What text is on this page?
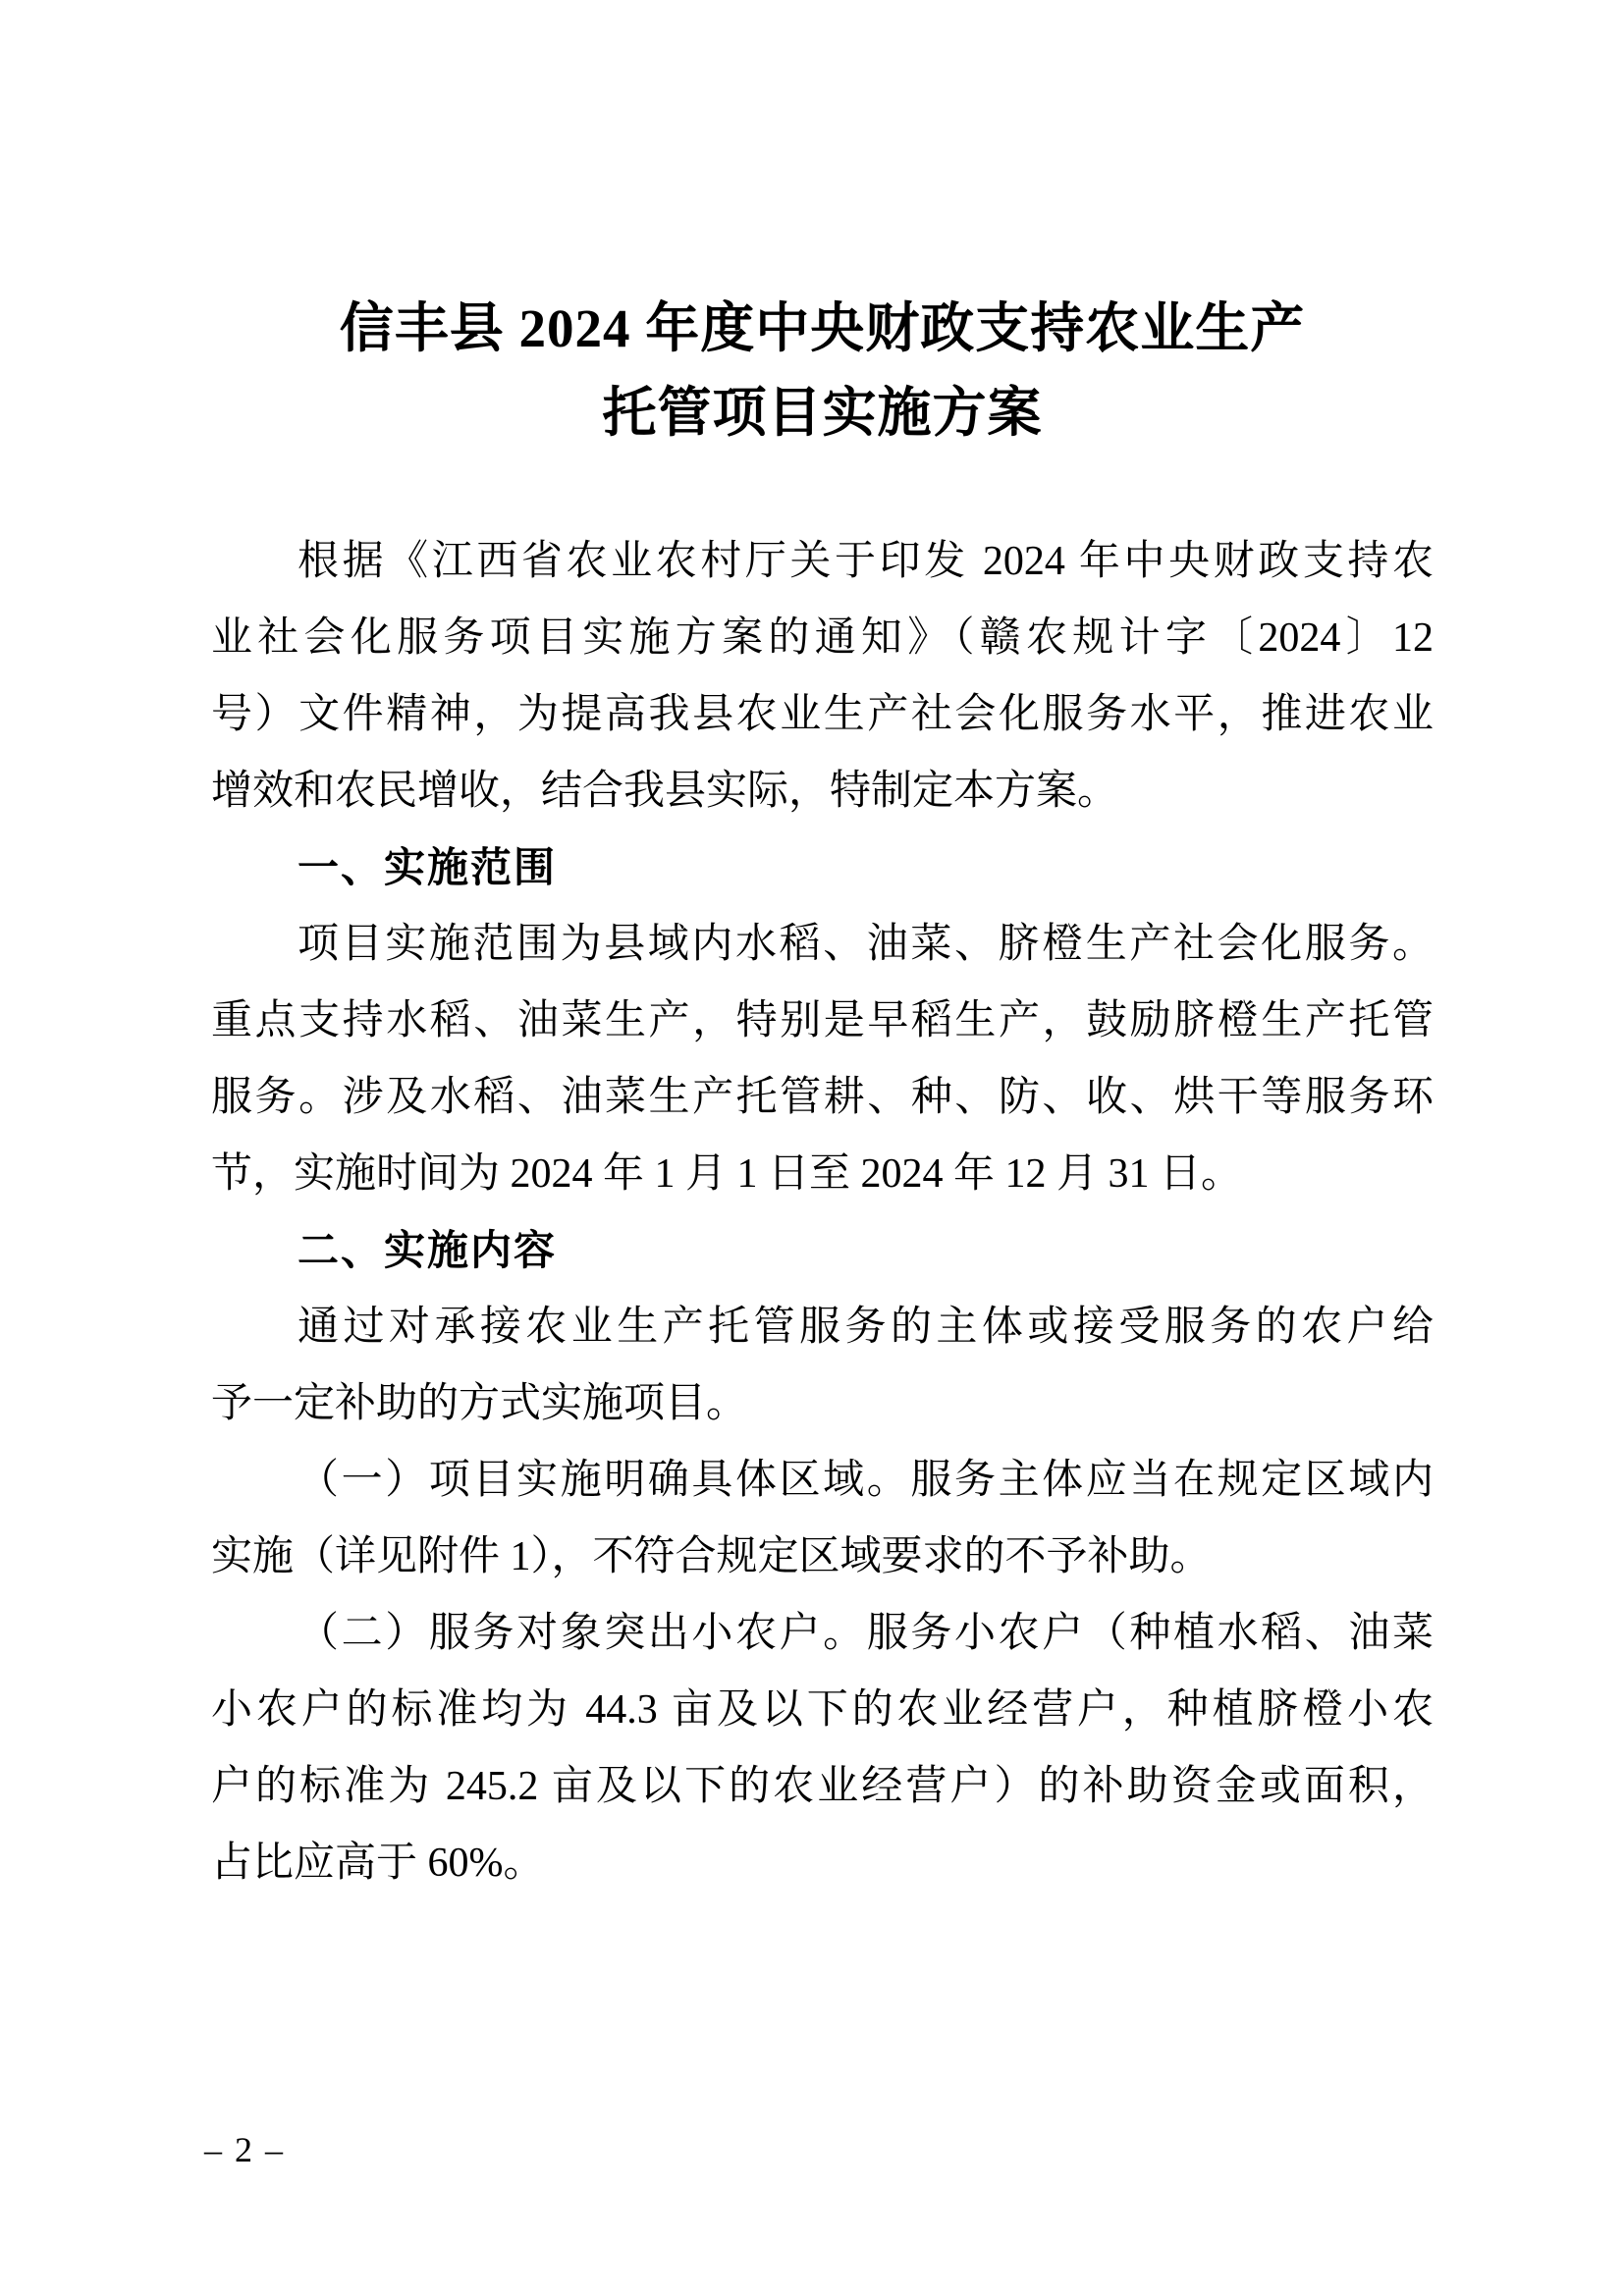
信丰县 2024 年度中央财政支持农业生产
托管项目实施方案
根据《江西省农业农村厅关于印发 2024 年中央财政支持农
业社会化服务项目实施方案的通知》（赣农规计字〔2024〕12
号）文件精神，为提高我县农业生产社会化服务水平，推进农业
增效和农民增收，结合我县实际，特制定本方案。
一、实施范围
项目实施范围为县域内水稻、油菜、脐橙生产社会化服务。
重点支持水稻、油菜生产，特别是早稻生产，鼓励脐橙生产托管
服务。涉及水稻、油菜生产托管耕、种、防、收、烘干等服务环
节，实施时间为 2024 年 1 月 1 日至 2024 年 12 月 31 日。
二、实施内容
通过对承接农业生产托管服务的主体或接受服务的农户给
予一定补助的方式实施项目。
（一）项目实施明确具体区域。服务主体应当在规定区域内
实施（详见附件 1），不符合规定区域要求的不予补助。
（二）服务对象突出小农户。服务小农户（种植水稻、油菜
小农户的标准均为 44.3 亩及以下的农业经营户，种植脐橙小农
户的标准为 245.2 亩及以下的农业经营户）的补助资金或面积，
占比应高于 60%。
– 2 –
